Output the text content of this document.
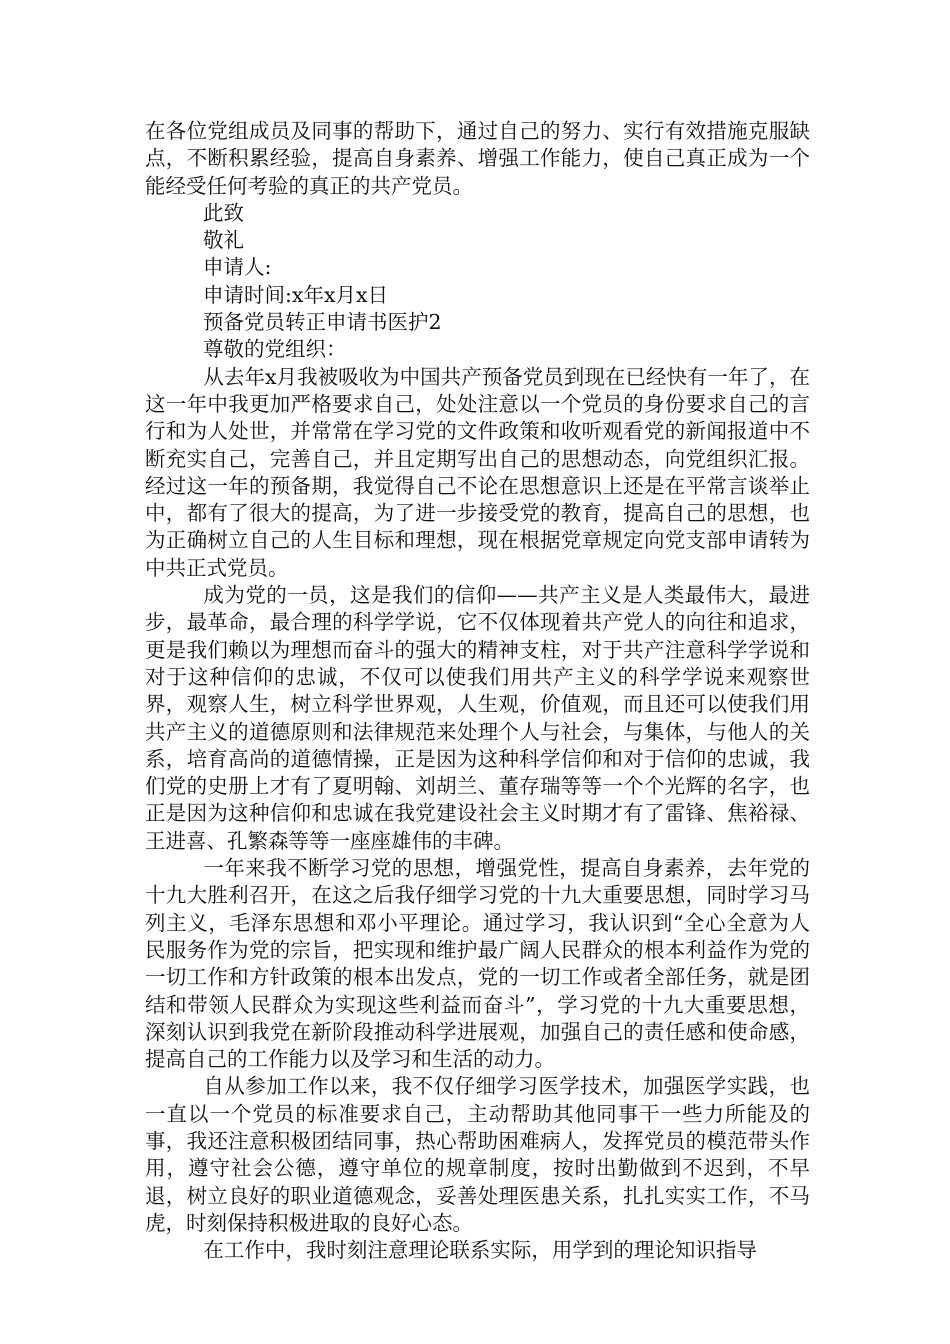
在各位党组成员及同事的帮助下，通过自己的努力、实行有效措施克服缺点，不断积累经验，提高自身素养、增强工作能力，使自己真正成为一个能经受任何考验的真正的共产党员。

此致

敬礼

申请人:

申请时间:x年x月x日

预备党员转正申请书医护2

尊敬的党组织：

从去年x月我被吸收为中国共产预备党员到现在已经快有一年了，在这一年中我更加严格要求自己，处处注意以一个党员的身份要求自己的言行和为人处世，并常常在学习党的文件政策和收听观看党的新闻报道中不断充实自己，完善自己，并且定期写出自己的思想动态，向党组织汇报。经过这一年的预备期，我觉得自己不论在思想意识上还是在平常言谈举止中，都有了很大的提高，为了进一步接受党的教育，提高自己的思想，也为正确树立自己的人生目标和理想，现在根据党章规定向党支部申请转为中共正式党员。

成为党的一员，这是我们的信仰——共产主义是人类最伟大，最进步，最革命，最合理的科学学说，它不仅体现着共产党人的向往和追求，更是我们赖以为理想而奋斗的强大的精神支柱，对于共产注意科学学说和对于这种信仰的忠诚，不仅可以使我们用共产主义的科学学说来观察世界，观察人生，树立科学世界观，人生观，价值观，而且还可以使我们用共产主义的道德原则和法律规范来处理个人与社会，与集体，与他人的关系，培育高尚的道德情操，正是因为这种科学信仰和对于信仰的忠诚，我们党的史册上才有了夏明翰、刘胡兰、董存瑞等等一个个光辉的名字，也正是因为这种信仰和忠诚在我党建设社会主义时期才有了雷锋、焦裕禄、王进喜、孔繁森等等一座座雄伟的丰碑。

一年来我不断学习党的思想，增强党性，提高自身素养，去年党的十九大胜利召开，在这之后我仔细学习党的十九大重要思想，同时学习马列主义，毛泽东思想和邓小平理论。通过学习，我认识到“全心全意为人民服务作为党的宗旨，把实现和维护最广阔人民群众的根本利益作为党的一切工作和方针政策的根本出发点，党的一切工作或者全部任务，就是团结和带领人民群众为实现这些利益而奋斗”，学习党的十九大重要思想，深刻认识到我党在新阶段推动科学进展观，加强自己的责任感和使命感，提高自己的工作能力以及学习和生活的动力。

自从参加工作以来，我不仅仔细学习医学技术，加强医学实践，也一直以一个党员的标准要求自己，主动帮助其他同事干一些力所能及的事，我还注意积极团结同事，热心帮助困难病人，发挥党员的模范带头作用，遵守社会公德，遵守单位的规章制度，按时出勤做到不迟到，不早退，树立良好的职业道德观念，妥善处理医患关系，扎扎实实工作，不马虎，时刻保持积极进取的良好心态。

在工作中，我时刻注意理论联系实际，用学到的理论知识指导
